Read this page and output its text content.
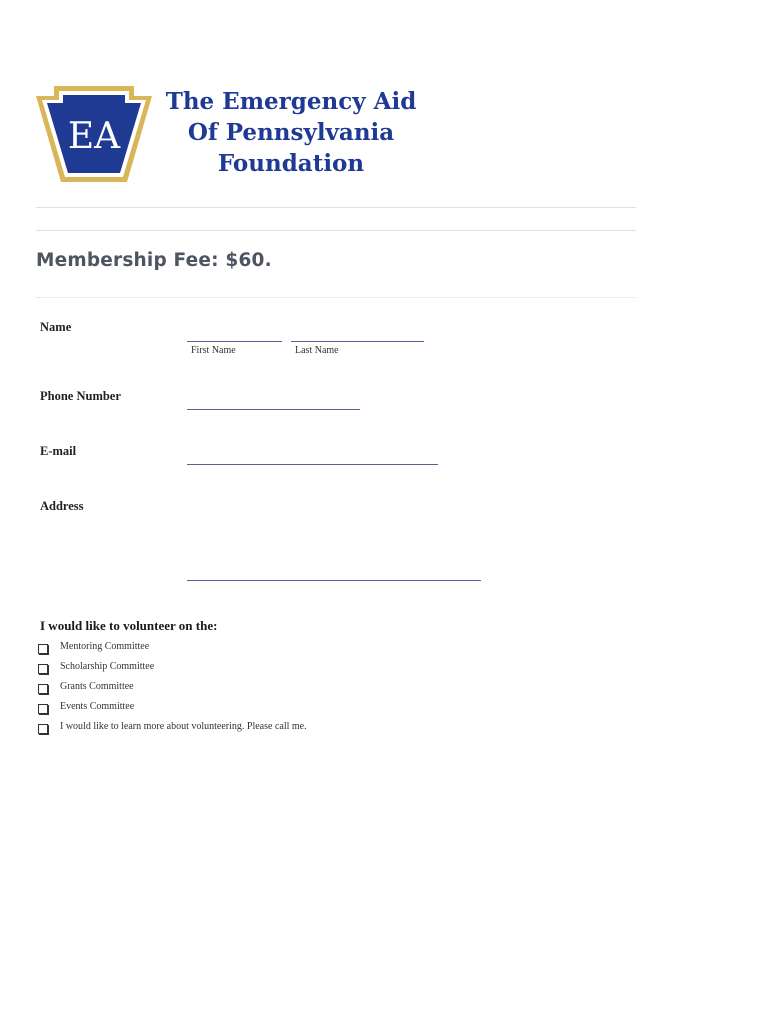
EA
The Emergency Aid
Of Pennsylvania
Foundation
Membership Fee: $60.
Name
First Name	Last Name
Phone Number
E-mail
Address
I would like to volunteer on the:
Mentoring Committee
Scholarship Committee
Grants Committee
Events Committee
I would like to learn more about volunteering. Please call me.
